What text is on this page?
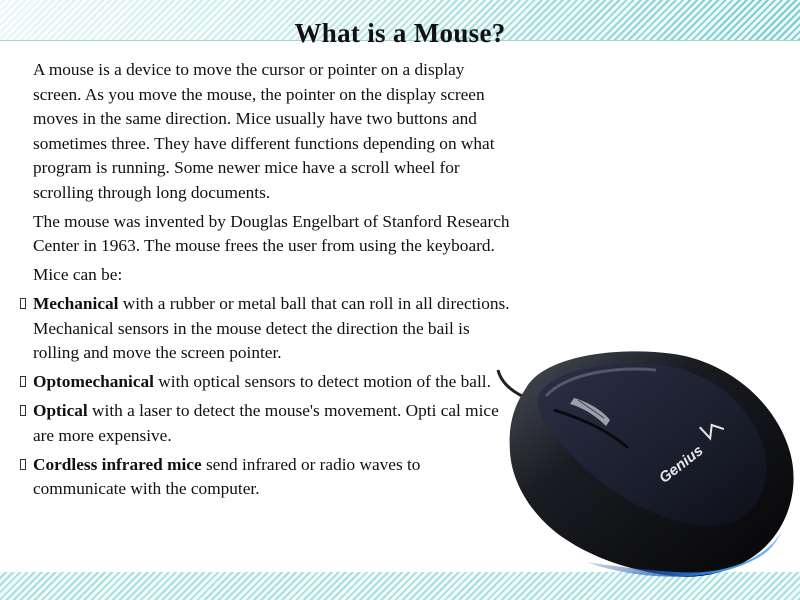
What is a Mouse?

A mouse is a device to move the cursor or pointer on a display screen. As you move the mouse, the pointer on the display screen moves in the same direction. Mice usually have two buttons and sometimes three. They have different functions depending on what program is running. Some newer mice have a scroll wheel for scrolling through long documents.

The mouse was invented by Douglas Engelbart of Stanford Research Center in 1963. The mouse frees the user from using the keyboard.

Mice can be:

Mechanical with a rubber or metal ball that can roll in all directions. Mechanical sensors in the mouse detect the direction the bail is rolling and move the screen pointer.

Optomechanical with optical sensors to detect motion of the ball.

Optical with a laser to detect the mouse's movement. Opti cal mice are more expensive.

Cordless infrared mice send infrared or radio waves to communicate with the computer.

Genius
